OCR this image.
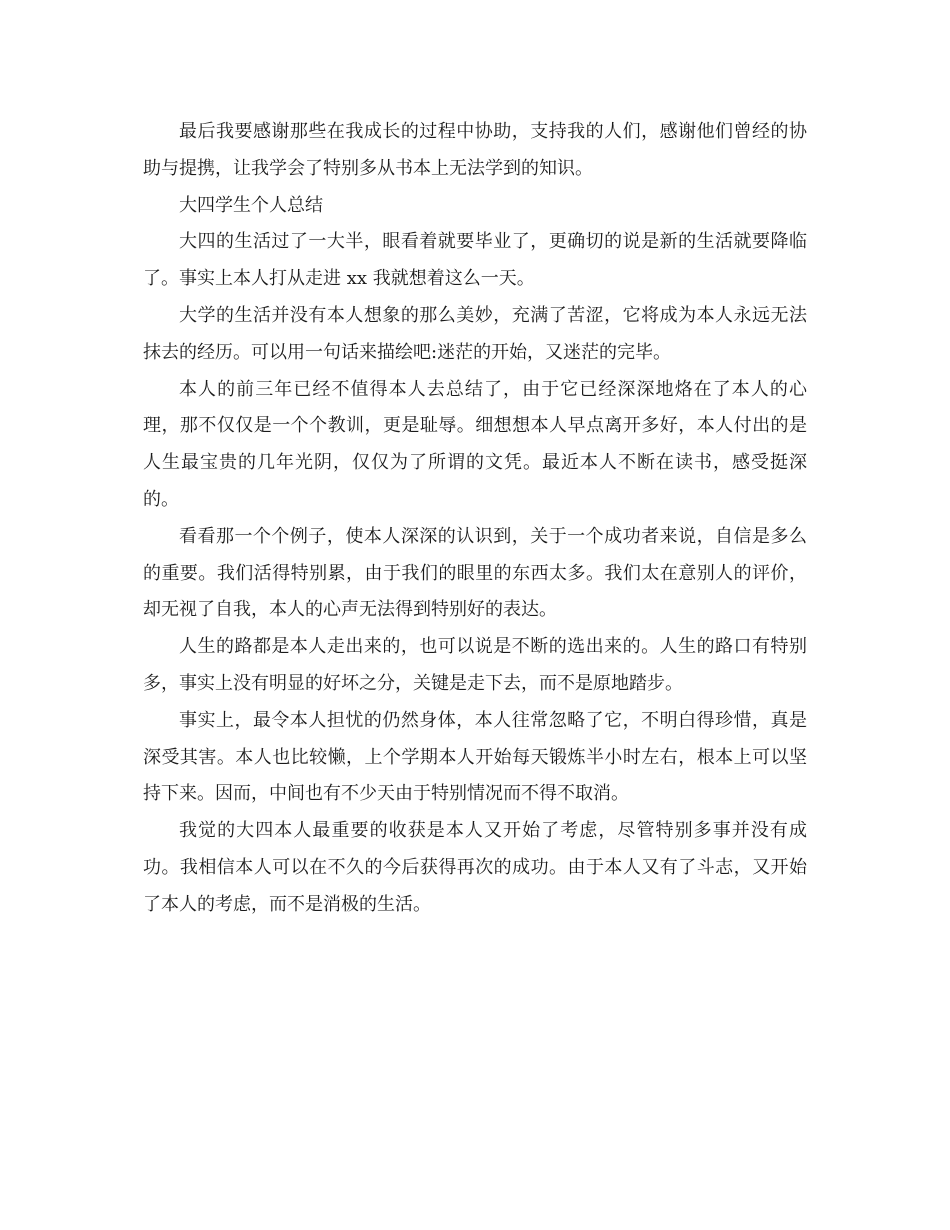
最后我要感谢那些在我成长的过程中协助，支持我的人们，感谢他们曾经的协助与提携，让我学会了特别多从书本上无法学到的知识。

大四学生个人总结

大四的生活过了一大半，眼看着就要毕业了，更确切的说是新的生活就要降临了。事实上本人打从走进 xx 我就想着这么一天。

大学的生活并没有本人想象的那么美妙，充满了苦涩，它将成为本人永远无法抹去的经历。可以用一句话来描绘吧:迷茫的开始，又迷茫的完毕。

本人的前三年已经不值得本人去总结了，由于它已经深深地烙在了本人的心理，那不仅仅是一个个教训，更是耻辱。细想想本人早点离开多好，本人付出的是人生最宝贵的几年光阴，仅仅为了所谓的文凭。最近本人不断在读书，感受挺深的。

看看那一个个例子，使本人深深的认识到，关于一个成功者来说，自信是多么的重要。我们活得特别累，由于我们的眼里的东西太多。我们太在意别人的评价，却无视了自我，本人的心声无法得到特别好的表达。

人生的路都是本人走出来的，也可以说是不断的选出来的。人生的路口有特别多，事实上没有明显的好坏之分，关键是走下去，而不是原地踏步。

事实上，最令本人担忧的仍然身体，本人往常忽略了它，不明白得珍惜，真是深受其害。本人也比较懒，上个学期本人开始每天锻炼半小时左右，根本上可以坚持下来。因而，中间也有不少天由于特别情况而不得不取消。

我觉的大四本人最重要的收获是本人又开始了考虑，尽管特别多事并没有成功。我相信本人可以在不久的今后获得再次的成功。由于本人又有了斗志，又开始了本人的考虑，而不是消极的生活。
